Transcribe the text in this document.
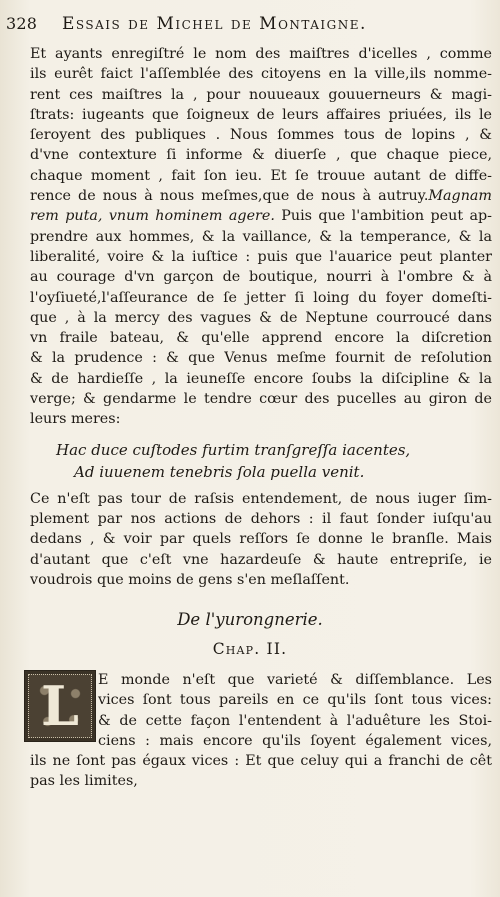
328 Essais de Michel de Montaigne.
Et ayants enregiſtré le nom des maiſtres d'icelles , comme
ils eurêt faict l'aſſemblée des citoyens en la ville,ils nomme-
rent ces maiſtres la , pour nouueaux gouuerneurs & magi-
ſtrats: iugeants que ſoigneux de leurs affaires priuées, ils le
ſeroyent des publiques . Nous ſommes tous de lopins , &
d'vne contexture ſi informe & diuerſe , que chaque piece,
chaque moment , fait ſon ieu. Et ſe trouue autant de diffe-
rence de nous à nous meſmes,que de nous à autruy.Magnam
rem puta, vnum hominem agere. Puis que l'ambition peut ap-
prendre aux hommes, & la vaillance, & la temperance, & la
liberalité, voire & la iuſtice : puis que l'auarice peut planter
au courage d'vn garçon de boutique, nourri à l'ombre & à
l'oyſiueté,l'aſſeurance de ſe jetter ſi loing du foyer domeſti-
que , à la mercy des vagues & de Neptune courroucé dans
vn fraile bateau, & qu'elle apprend encore la diſcretion
& la prudence : & que Venus meſme fournit de reſolution
& de hardieſſe , la ieuneſſe encore ſoubs la diſcipline & la
verge; & gendarme le tendre cœur des pucelles au giron de
leurs meres:
Hac duce cuſtodes furtim tranſgreſſa iacentes,
Ad iuuenem tenebris ſola puella venit.
Ce n'eſt pas tour de raſsis entendement, de nous iuger ſim-
plement par nos actions de dehors : il faut ſonder iuſqu'au
dedans , & voir par quels reſſors ſe donne le branſle. Mais
d'autant que c'eſt vne hazardeuſe & haute entrepriſe, ie
voudrois que moins de gens s'en meſlaſſent.
De l'yurongnerie.
Chap. II.
L	E monde n'eſt que varieté & diſſemblance. Les
vices ſont tous pareils en ce qu'ils ſont tous vices:
& de cette façon l'entendent à l'aduêture les Stoi-
ciens : mais encore qu'ils ſoyent également vices,
ils ne ſont pas égaux vices : Et que celuy qui a franchi de cêt
pas les limites,
